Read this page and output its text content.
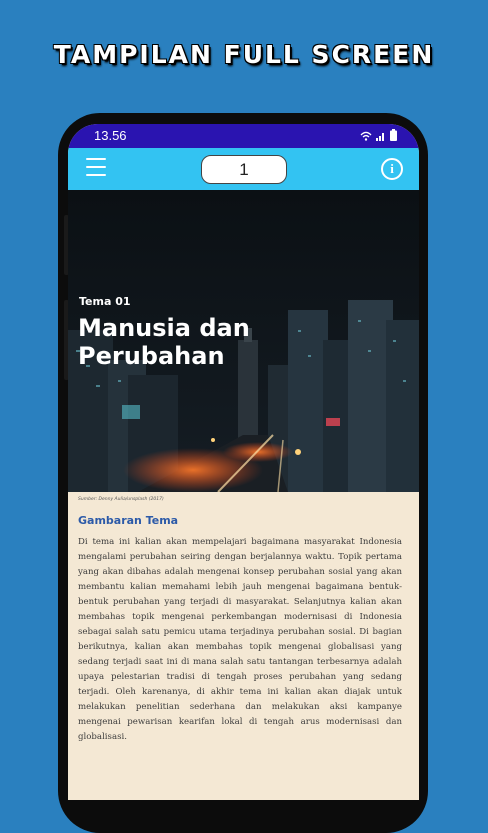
TAMPILAN FULL SCREEN
13.56
1	i
Tema 01
Manusia dan Perubahan
Sumber: Denny Aulia/unsplash (2017)
Gambaran Tema
Di tema ini kalian akan mempelajari bagaimana masyarakat Indonesia mengalami perubahan seiring dengan berjalannya waktu. Topik pertama yang akan dibahas adalah mengenai konsep perubahan sosial yang akan membantu kalian memahami lebih jauh mengenai bagaimana bentuk-bentuk perubahan yang terjadi di masyarakat. Selanjutnya kalian akan membahas topik mengenai perkembangan modernisasi di Indonesia sebagai salah satu pemicu utama terjadinya perubahan sosial. Di bagian berikutnya, kalian akan membahas topik mengenai globalisasi yang sedang terjadi saat ini di mana salah satu tantangan terbesarnya adalah upaya pelestarian tradisi di tengah proses perubahan yang sedang terjadi. Oleh karenanya, di akhir tema ini kalian akan diajak untuk melakukan penelitian sederhana dan melakukan aksi kampanye mengenai pewarisan kearifan lokal di tengah arus modernisasi dan globalisasi.
